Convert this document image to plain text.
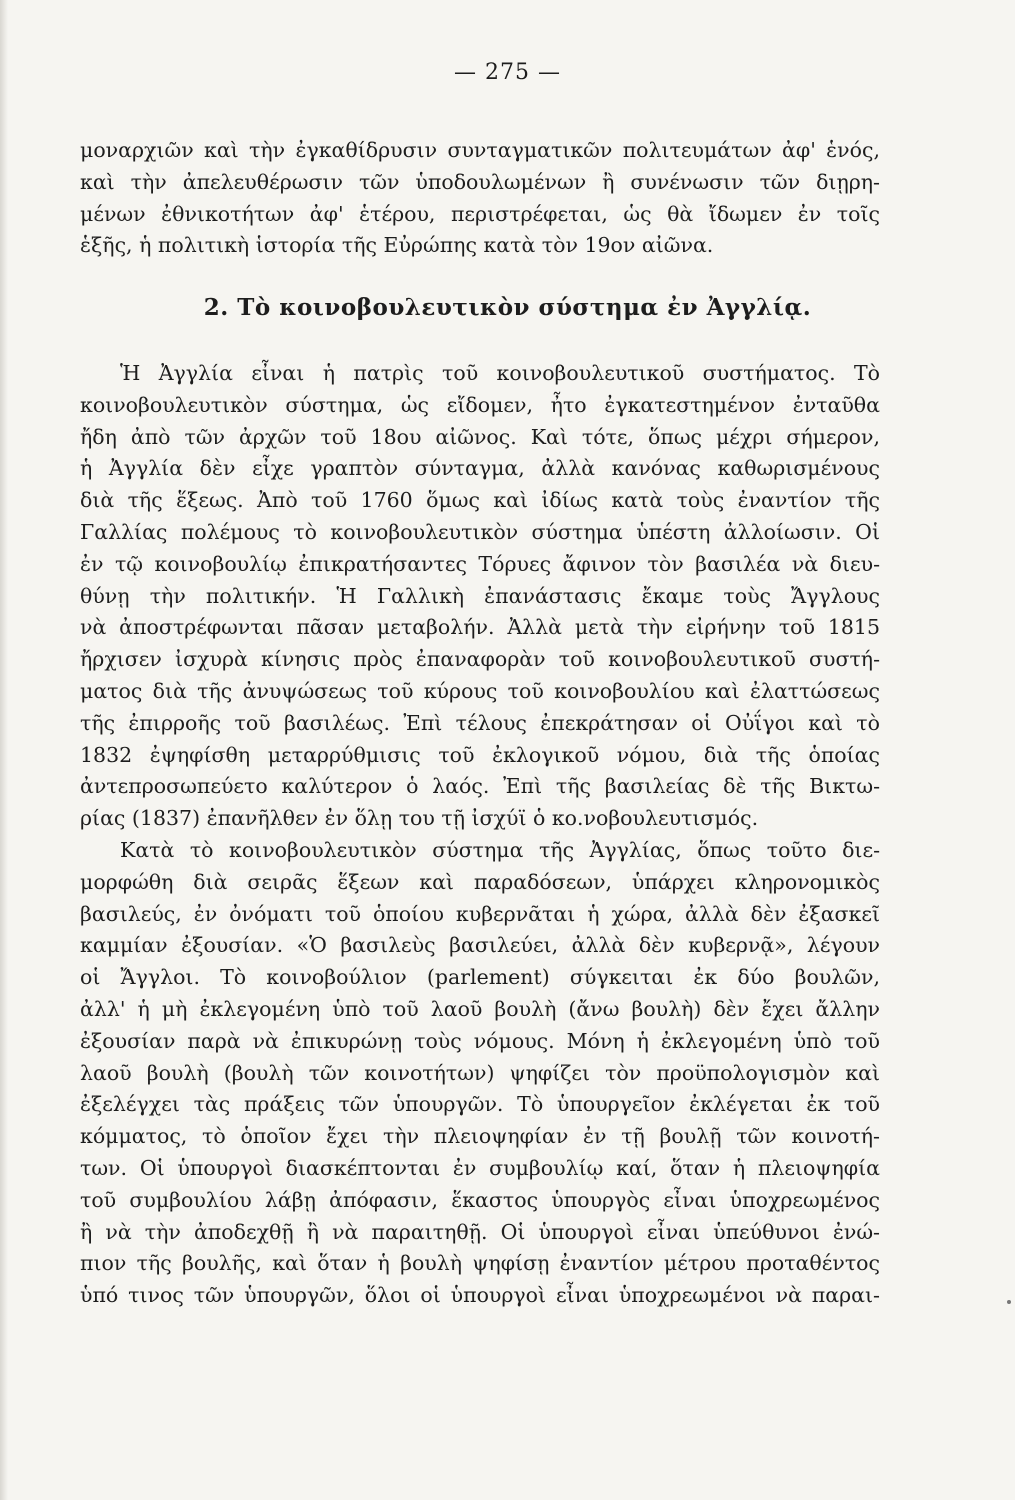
— 275 —
μοναρχιῶν καὶ τὴν ἐγκαθίδρυσιν συνταγματικῶν πολιτευμάτων ἀφ' ἑνός,
καὶ τὴν ἀπελευθέρωσιν τῶν ὑποδουλωμένων ἢ συνένωσιν τῶν διῃρη-
μένων ἐθνικοτήτων ἀφ' ἑτέρου, περιστρέφεται, ὡς θὰ ἴδωμεν ἐν τοῖς
ἑξῆς, ἡ πολιτικὴ ἱστορία τῆς Εὐρώπης κατὰ τὸν 19ον αἰῶνα.
2. Τὸ κοινοβουλευτικὸν σύστημα ἐν Ἀγγλίᾳ.
Ἡ Ἀγγλία εἶναι ἡ πατρὶς τοῦ κοινοβουλευτικοῦ συστήματος. Τὸ
κοινοβουλευτικὸν σύστημα, ὡς εἴδομεν, ἦτο ἐγκατεστημένον ἐνταῦθα
ἤδη ἀπὸ τῶν ἀρχῶν τοῦ 18ου αἰῶνος. Καὶ τότε, ὅπως μέχρι σήμερον,
ἡ Ἀγγλία δὲν εἶχε γραπτὸν σύνταγμα, ἀλλὰ κανόνας καθωρισμένους
διὰ τῆς ἕξεως. Ἀπὸ τοῦ 1760 ὅμως καὶ ἰδίως κατὰ τοὺς ἐναντίον τῆς
Γαλλίας πολέμους τὸ κοινοβουλευτικὸν σύστημα ὑπέστη ἀλλοίωσιν. Οἱ
ἐν τῷ κοινοβουλίῳ ἐπικρατήσαντες Τόρυες ἄφινον τὸν βασιλέα νὰ διευ-
θύνῃ τὴν πολιτικήν. Ἡ Γαλλικὴ ἐπανάστασις ἔκαμε τοὺς Ἄγγλους
νὰ ἀποστρέφωνται πᾶσαν μεταβολήν. Ἀλλὰ μετὰ τὴν εἰρήνην τοῦ 1815
ἤρχισεν ἰσχυρὰ κίνησις πρὸς ἐπαναφορὰν τοῦ κοινοβουλευτικοῦ συστή-
ματος διὰ τῆς ἀνυψώσεως τοῦ κύρους τοῦ κοινοβουλίου καὶ ἐλαττώσεως
τῆς ἐπιρροῆς τοῦ βασιλέως. Ἐπὶ τέλους ἐπεκράτησαν οἱ Οὐΐγοι καὶ τὸ
1832 ἐψηφίσθη μεταρρύθμισις τοῦ ἐκλογικοῦ νόμου, διὰ τῆς ὁποίας
ἀντεπροσωπεύετο καλύτερον ὁ λαός. Ἐπὶ τῆς βασιλείας δὲ τῆς Βικτω-
ρίας (1837) ἐπανῆλθεν ἐν ὅλῃ του τῇ ἰσχύϊ ὁ κο.νοβουλευτισμός.
Κατὰ τὸ κοινοβουλευτικὸν σύστημα τῆς Ἀγγλίας, ὅπως τοῦτο διε-
μορφώθη διὰ σειρᾶς ἕξεων καὶ παραδόσεων, ὑπάρχει κληρονομικὸς
βασιλεύς, ἐν ὀνόματι τοῦ ὁποίου κυβερνᾶται ἡ χώρα, ἀλλὰ δὲν ἐξασκεῖ
καμμίαν ἐξουσίαν. «Ὁ βασιλεὺς βασιλεύει, ἀλλὰ δὲν κυβερνᾷ», λέγουν
οἱ Ἄγγλοι. Τὸ κοινοβούλιον (parlement) σύγκειται ἐκ δύο βουλῶν,
ἀλλ' ἡ μὴ ἐκλεγομένη ὑπὸ τοῦ λαοῦ βουλὴ (ἄνω βουλὴ) δὲν ἔχει ἄλλην
ἐξουσίαν παρὰ νὰ ἐπικυρώνῃ τοὺς νόμους. Μόνη ἡ ἐκλεγομένη ὑπὸ τοῦ
λαοῦ βουλὴ (βουλὴ τῶν κοινοτήτων) ψηφίζει τὸν προϋπολογισμὸν καὶ
ἐξελέγχει τὰς πράξεις τῶν ὑπουργῶν. Τὸ ὑπουργεῖον ἐκλέγεται ἐκ τοῦ
κόμματος, τὸ ὁποῖον ἔχει τὴν πλειοψηφίαν ἐν τῇ βουλῇ τῶν κοινοτή-
των. Οἱ ὑπουργοὶ διασκέπτονται ἐν συμβουλίῳ καί, ὅταν ἡ πλειοψηφία
τοῦ συμβουλίου λάβῃ ἀπόφασιν, ἕκαστος ὑπουργὸς εἶναι ὑποχρεωμένος
ἢ νὰ τὴν ἀποδεχθῇ ἢ νὰ παραιτηθῇ. Οἱ ὑπουργοὶ εἶναι ὑπεύθυνοι ἐνώ-
πιον τῆς βουλῆς, καὶ ὅταν ἡ βουλὴ ψηφίσῃ ἐναντίον μέτρου προταθέντος
ὑπό τινος τῶν ὑπουργῶν, ὅλοι οἱ ὑπουργοὶ εἶναι ὑποχρεωμένοι νὰ παραι-
